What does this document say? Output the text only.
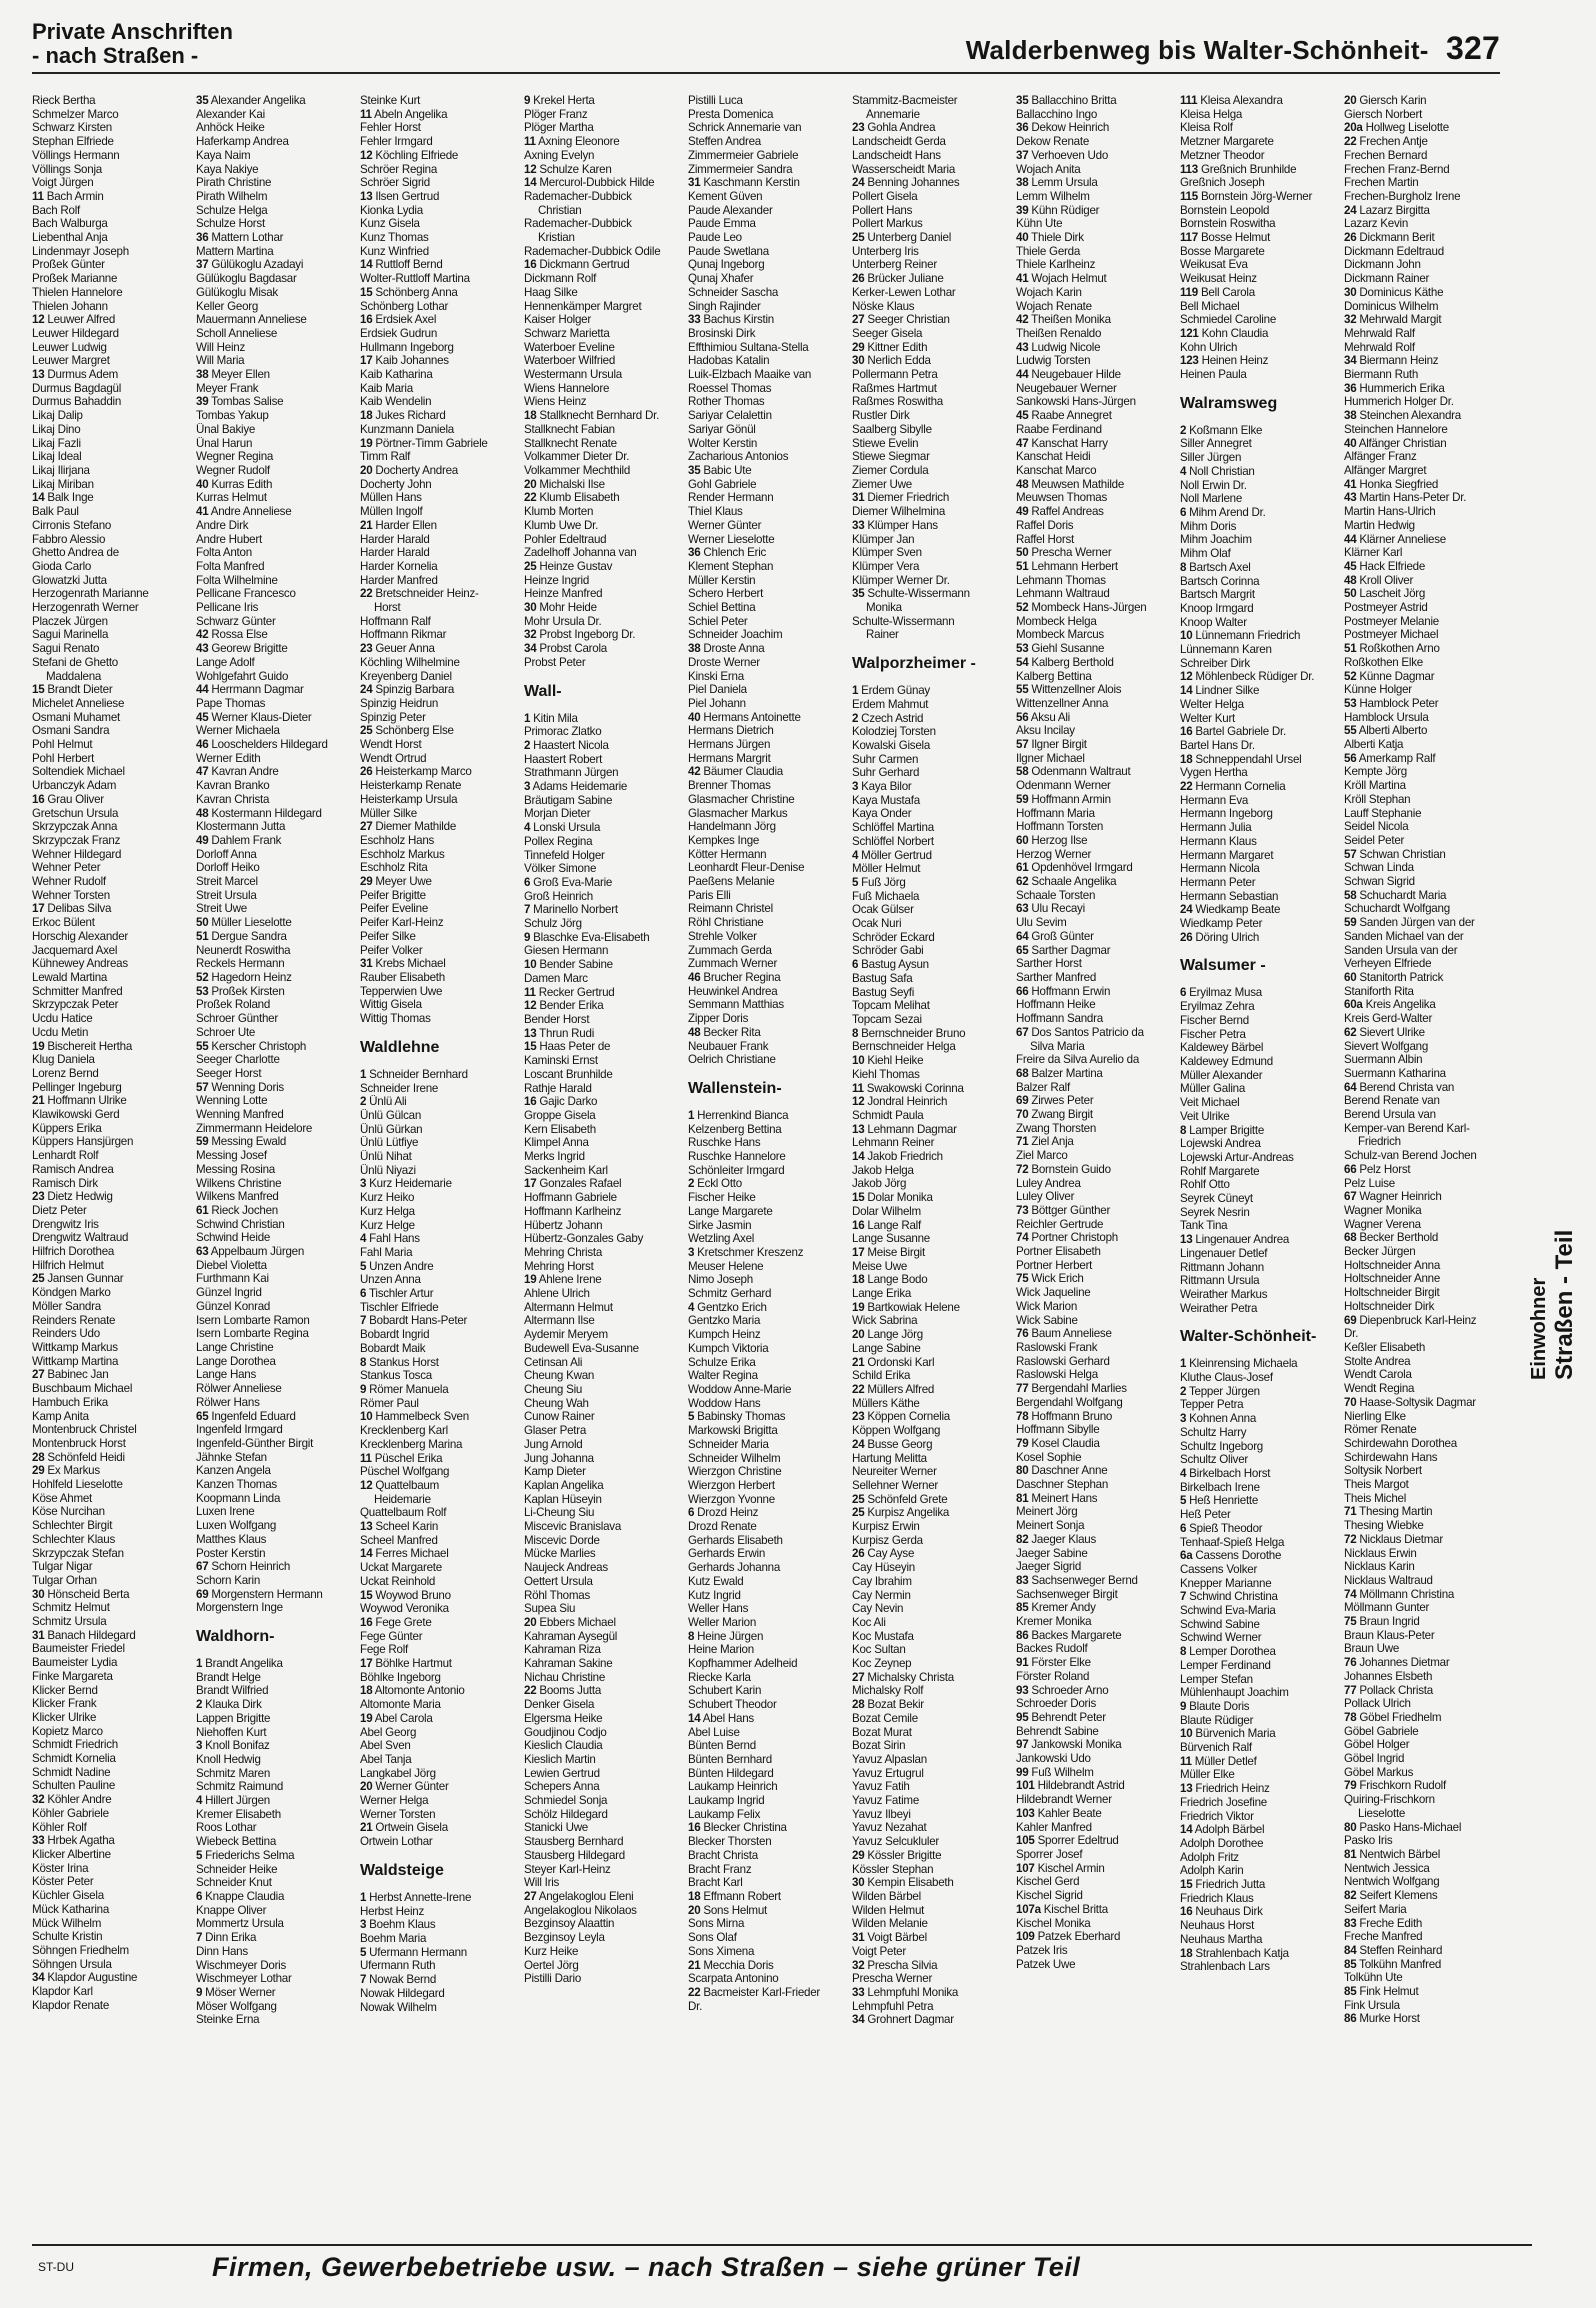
Private Anschriften
- nach Straßen -	Walderbenweg bis Walter-Schönheit- 327
Rieck Bertha
Schmelzer Marco
Schwarz Kirsten
Stephan Elfriede
Völlings Hermann
Völlings Sonja
Voigt Jürgen
11 Bach Armin
Bach Rolf
Bach Walburga
Liebenthal Anja
Lindenmayr Joseph
Proßek Günter
Proßek Marianne
Thielen Hannelore
Thielen Johann
12 Leuwer Alfred
Leuwer Hildegard
Leuwer Ludwig
Leuwer Margret
13 Durmus Adem
Durmus Bagdagül
Durmus Bahaddin
Likaj Dalip
Likaj Dino
Likaj Fazli
Likaj Ideal
Likaj Ilirjana
Likaj Miriban
14 Balk Inge
Balk Paul
Cirronis Stefano
Fabbro Alessio
Ghetto Andrea de
Gioda Carlo
Glowatzki Jutta
Herzogenrath Marianne
Herzogenrath Werner
Placzek Jürgen
Sagui Marinella
Sagui Renato
Stefani de Ghetto
Maddalena
15 Brandt Dieter
Michelet Anneliese
Osmani Muhamet
Osmani Sandra
Pohl Helmut
Pohl Herbert
Soltendiek Michael
Urbanczyk Adam
16 Grau Oliver
Gretschun Ursula
Skrzypczak Anna
Skrzypczak Franz
Wehner Hildegard
Wehner Peter
Wehner Rudolf
Wehner Torsten
17 Delibas Silva
Erkoc Bülent
Horschig Alexander
Jacquemard Axel
Kühnewey Andreas
Lewald Martina
Schmitter Manfred
Skrzypczak Peter
Ucdu Hatice
Ucdu Metin
19 Bischereit Hertha
Klug Daniela
Lorenz Bernd
Pellinger Ingeburg
21 Hoffmann Ulrike
Klawikowski Gerd
Küppers Erika
Küppers Hansjürgen
Lenhardt Rolf
Ramisch Andrea
Ramisch Dirk
23 Dietz Hedwig
Dietz Peter
Drengwitz Iris
Drengwitz Waltraud
Hilfrich Dorothea
Hilfrich Helmut
25 Jansen Gunnar
Köndgen Marko
Möller Sandra
Reinders Renate
Reinders Udo
Wittkamp Markus
Wittkamp Martina
27 Babinec Jan
Buschbaum Michael
Hambuch Erika
Kamp Anita
Montenbruck Christel
Montenbruck Horst
28 Schönfeld Heidi
29 Ex Markus
Hohlfeld Lieselotte
Köse Ahmet
Köse Nurcihan
Schlechter Birgit
Schlechter Klaus
Skrzypczak Stefan
Tulgar Nigar
Tulgar Orhan
30 Hönscheid Berta
Schmitz Helmut
Schmitz Ursula
31 Banach Hildegard
Baumeister Friedel
Baumeister Lydia
Finke Margareta
Klicker Bernd
Klicker Frank
Klicker Ulrike
Kopietz Marco
Schmidt Friedrich
Schmidt Kornelia
Schmidt Nadine
Schulten Pauline
32 Köhler Andre
Köhler Gabriele
Köhler Rolf
33 Hrbek Agatha
Klicker Albertine
Köster Irina
Köster Peter
Küchler Gisela
Mück Katharina
Mück Wilhelm
Schulte Kristin
Söhngen Friedhelm
Söhngen Ursula
34 Klapdor Augustine
Klapdor Karl
Klapdor Renate
35 Alexander Angelika
Alexander Kai
Anhöck Heike
Haferkamp Andrea
Kaya Naim
Kaya Nakiye
Pirath Christine
Pirath Wilhelm
Schulze Helga
Schulze Horst
36 Mattern Lothar
Mattern Martina
37 Gülükoglu Azadayi
Gülükoglu Bagdasar
Gülükoglu Misak
Keller Georg
Mauermann Anneliese
Scholl Anneliese
Will Heinz
Will Maria
38 Meyer Ellen
Meyer Frank
39 Tombas Salise
Tombas Yakup
Ünal Bakiye
Ünal Harun
Wegner Regina
Wegner Rudolf
40 Kurras Edith
Kurras Helmut
41 Andre Anneliese
Andre Dirk
Andre Hubert
Folta Anton
Folta Manfred
Folta Wilhelmine
Pellicane Francesco
Pellicane Iris
Schwarz Günter
42 Rossa Else
43 Georew Brigitte
Lange Adolf
Wohlgefahrt Guido
44 Herrmann Dagmar
Pape Thomas
45 Werner Klaus-Dieter
Werner Michaela
46 Looschelders Hildegard
Werner Edith
47 Kavran Andre
Kavran Branko
Kavran Christa
48 Kostermann Hildegard
Klostermann Jutta
49 Dahlem Frank
Dorloff Anna
Dorloff Heiko
Streit Marcel
Streit Ursula
Streit Uwe
50 Müller Lieselotte
51 Dergue Sandra
Neunerdt Roswitha
Reckels Hermann
52 Hagedorn Heinz
53 Proßek Kirsten
Proßek Roland
Schroer Günther
Schroer Ute
55 Kerscher Christoph
Seeger Charlotte
Seeger Horst
57 Wenning Doris
Wenning Lotte
Wenning Manfred
Zimmermann Heidelore
59 Messing Ewald
Messing Josef
Messing Rosina
Wilkens Christine
Wilkens Manfred
61 Rieck Jochen
Schwind Christian
Schwind Heide
63 Appelbaum Jürgen
Diebel Violetta
Furthmann Kai
Günzel Ingrid
Günzel Konrad
Isern Lombarte Ramon
Isern Lombarte Regina
Lange Christine
Lange Dorothea
Lange Hans
Rölwer Anneliese
Rölwer Hans
65 Ingenfeld Eduard
Ingenfeld Irmgard
Ingenfeld-Günther Birgit
Jähnke Stefan
Kanzen Angela
Kanzen Thomas
Koopmann Linda
Luxen Irene
Luxen Wolfgang
Matthes Klaus
Poster Kerstin
67 Schorn Heinrich
Schorn Karin
69 Morgenstern Hermann
Morgenstern Inge
Waldhorn-
1 Brandt Angelika
Brandt Helge
Brandt Wilfried
2 Klauka Dirk
Lappen Brigitte
Niehoffen Kurt
3 Knoll Bonifaz
Knoll Hedwig
Schmitz Maren
Schmitz Raimund
4 Hillert Jürgen
Kremer Elisabeth
Roos Lothar
Wiebeck Bettina
5 Friederichs Selma
Schneider Heike
Schneider Knut
6 Knappe Claudia
Knappe Oliver
Mommertz Ursula
7 Dinn Erika
Dinn Hans
Wischmeyer Doris
Wischmeyer Lothar
9 Möser Werner
Möser Wolfgang
Steinke Erna
Steinke Kurt
11 Abeln Angelika
Fehler Horst
Fehler Irmgard
12 Köchling Elfriede
Schröer Regina
Schröer Sigrid
13 Ilsen Gertrud
Kionka Lydia
Kunz Gisela
Kunz Thomas
Kunz Winfried
14 Ruttloff Bernd
Wolter-Ruttloff Martina
15 Schönberg Anna
Schönberg Lothar
16 Erdsiek Axel
Erdsiek Gudrun
Hullmann Ingeborg
17 Kaib Johannes
Kaib Katharina
Kaib Maria
Kaib Wendelin
18 Jukes Richard
Kunzmann Daniela
19 Pörtner-Timm Gabriele
Timm Ralf
20 Docherty Andrea
Docherty John
Müllen Hans
Müllen Ingolf
21 Harder Ellen
Harder Harald
Harder Harald
Harder Kornelia
Harder Manfred
22 Bretschneider Heinz-
Horst
Hoffmann Ralf
Hoffmann Rikmar
23 Geuer Anna
Köchling Wilhelmine
Kreyenberg Daniel
24 Spinzig Barbara
Spinzig Heidrun
Spinzig Peter
25 Schönberg Else
Wendt Horst
Wendt Ortrud
26 Heisterkamp Marco
Heisterkamp Renate
Heisterkamp Ursula
Müller Silke
27 Diemer Mathilde
Eschholz Hans
Eschholz Markus
Eschholz Rita
29 Meyer Uwe
Peifer Brigitte
Peifer Eveline
Peifer Karl-Heinz
Peifer Silke
Peifer Volker
31 Krebs Michael
Rauber Elisabeth
Tepperwien Uwe
Wittig Gisela
Wittig Thomas
Waldlehne
1 Schneider Bernhard
Schneider Irene
2 Ünlü Ali
Ünlü Gülcan
Ünlü Gürkan
Ünlü Lütfiye
Ünlü Nihat
Ünlü Niyazi
3 Kurz Heidemarie
Kurz Heiko
Kurz Helga
Kurz Helge
4 Fahl Hans
Fahl Maria
5 Unzen Andre
Unzen Anna
6 Tischler Artur
Tischler Elfriede
7 Bobardt Hans-Peter
Bobardt Ingrid
Bobardt Maik
8 Stankus Horst
Stankus Tosca
9 Römer Manuela
Römer Paul
10 Hammelbeck Sven
Krecklenberg Karl
Krecklenberg Marina
11 Püschel Erika
Püschel Wolfgang
12 Quattelbaum
Heidemarie
Quattelbaum Rolf
13 Scheel Karin
Scheel Manfred
14 Ferres Michael
Uckat Margarete
Uckat Reinhold
15 Woywod Bruno
Woywod Veronika
16 Fege Grete
Fege Günter
Fege Rolf
17 Böhlke Hartmut
Böhlke Ingeborg
18 Altomonte Antonio
Altomonte Maria
19 Abel Carola
Abel Georg
Abel Sven
Abel Tanja
Langkabel Jörg
20 Werner Günter
Werner Helga
Werner Torsten
21 Ortwein Gisela
Ortwein Lothar
Waldsteige
1 Herbst Annette-Irene
Herbst Heinz
3 Boehm Klaus
Boehm Maria
5 Ufermann Hermann
Ufermann Ruth
7 Nowak Bernd
Nowak Hildegard
Nowak Wilhelm
9 Krekel Herta
Plöger Franz
Plöger Martha
11 Axning Eleonore
Axning Evelyn
12 Schulze Karen
14 Mercurol-Dubbick Hilde
Rademacher-Dubbick
Christian
Rademacher-Dubbick
Kristian
Rademacher-Dubbick Odile
16 Dickmann Gertrud
Dickmann Rolf
Haag Silke
Hennenkämper Margret
Kaiser Holger
Schwarz Marietta
Waterboer Eveline
Waterboer Wilfried
Westermann Ursula
Wiens Hannelore
Wiens Heinz
18 Stallknecht Bernhard Dr.
Stallknecht Fabian
Stallknecht Renate
Volkammer Dieter Dr.
Volkammer Mechthild
20 Michalski Ilse
22 Klumb Elisabeth
Klumb Morten
Klumb Uwe Dr.
Pohler Edeltraud
Zadelhoff Johanna van
25 Heinze Gustav
Heinze Ingrid
Heinze Manfred
30 Mohr Heide
Mohr Ursula Dr.
32 Probst Ingeborg Dr.
34 Probst Carola
Probst Peter
Wall-
1 Kitin Mila
Primorac Zlatko
2 Haastert Nicola
Haastert Robert
Strathmann Jürgen
3 Adams Heidemarie
Bräutigam Sabine
Morjan Dieter
4 Lonski Ursula
Pollex Regina
Tinnefeld Holger
Völker Simone
6 Groß Eva-Marie
Groß Heinrich
7 Marinello Norbert
Schulz Jörg
9 Blaschke Eva-Elisabeth
Giesen Hermann
10 Bender Sabine
Damen Marc
11 Recker Gertrud
12 Bender Erika
Bender Horst
13 Thrun Rudi
15 Haas Peter de
Kaminski Ernst
Loscant Brunhilde
Rathje Harald
16 Gajic Darko
Groppe Gisela
Kern Elisabeth
Klimpel Anna
Merks Ingrid
Sackenheim Karl
17 Gonzales Rafael
Hoffmann Gabriele
Hoffmann Karlheinz
Hübertz Johann
Hübertz-Gonzales Gaby
Mehring Christa
Mehring Horst
19 Ahlene Irene
Ahlene Ulrich
Altermann Helmut
Altermann Ilse
Aydemir Meryem
Budewell Eva-Susanne
Cetinsan Ali
Cheung Kwan
Cheung Siu
Cheung Wah
Cunow Rainer
Glaser Petra
Jung Arnold
Jung Johanna
Kamp Dieter
Kaplan Angelika
Kaplan Hüseyin
Li-Cheung Siu
Miscevic Branislava
Miscevic Dorde
Mücke Marlies
Naujeck Andreas
Oettert Ursula
Röhl Thomas
Supea Siu
20 Ebbers Michael
Kahraman Aysegül
Kahraman Riza
Kahraman Sakine
Nichau Christine
22 Booms Jutta
Denker Gisela
Elgersma Heike
Goudjinou Codjo
Kieslich Claudia
Kieslich Martin
Lewien Gertrud
Schepers Anna
Schmiedel Sonja
Schölz Hildegard
Stanicki Uwe
Stausberg Bernhard
Stausberg Hildegard
Steyer Karl-Heinz
Will Iris
27 Angelakoglou Eleni
Angelakoglou Nikolaos
Bezginsoy Alaattin
Bezginsoy Leyla
Kurz Heike
Oertel Jörg
Pistilli Dario
Pistilli Luca
Presta Domenica
Schrick Annemarie van
Steffen Andrea
Zimmermeier Gabriele
Zimmermeier Sandra
31 Kaschmann Kerstin
Kement Güven
Paude Alexander
Paude Emma
Paude Leo
Paude Swetlana
Qunaj Ingeborg
Qunaj Xhafer
Schneider Sascha
Singh Rajinder
33 Bachus Kirstin
Brosinski Dirk
Effthimiou Sultana-Stella
Hadobas Katalin
Luik-Elzbach Maaike van
Roessel Thomas
Rother Thomas
Sariyar Celalettin
Sariyar Gönül
Wolter Kerstin
Zacharious Antonios
35 Babic Ute
Gohl Gabriele
Render Hermann
Thiel Klaus
Werner Günter
Werner Lieselotte
36 Chlench Eric
Klement Stephan
Müller Kerstin
Schero Herbert
Schiel Bettina
Schiel Peter
Schneider Joachim
38 Droste Anna
Droste Werner
Kinski Erna
Piel Daniela
Piel Johann
40 Hermans Antoinette
Hermans Dietrich
Hermans Jürgen
Hermans Margrit
42 Bäumer Claudia
Brenner Thomas
Glasmacher Christine
Glasmacher Markus
Handelmann Jörg
Kempkes Inge
Kötter Hermann
Leonhardt Fleur-Denise
Paeßens Melanie
Paris Elli
Reimann Christel
Röhl Christiane
Strehle Volker
Zummach Gerda
Zummach Werner
46 Brucher Regina
Heuwinkel Andrea
Semmann Matthias
Zipper Doris
48 Becker Rita
Neubauer Frank
Oelrich Christiane
Wallenstein-
1 Herrenkind Bianca
Kelzenberg Bettina
Ruschke Hans
Ruschke Hannelore
Schönleiter Irmgard
2 Eckl Otto
Fischer Heike
Lange Margarete
Sirke Jasmin
Wetzling Axel
3 Kretschmer Kreszenz
Meuser Helene
Nimo Joseph
Schmitz Gerhard
4 Gentzko Erich
Gentzko Maria
Kumpch Heinz
Kumpch Viktoria
Schulze Erika
Walter Regina
Woddow Anne-Marie
Woddow Hans
5 Babinsky Thomas
Markowski Brigitta
Schneider Maria
Schneider Wilhelm
Wierzgon Christine
Wierzgon Herbert
Wierzgon Yvonne
6 Drozd Heinz
Drozd Renate
Gerhards Elisabeth
Gerhards Erwin
Gerhards Johanna
Kutz Ewald
Kutz Ingrid
Weller Hans
Weller Marion
8 Heine Jürgen
Heine Marion
Kopfhammer Adelheid
Riecke Karla
Schubert Karin
Schubert Theodor
14 Abel Hans
Abel Luise
Bünten Bernd
Bünten Bernhard
Bünten Hildegard
Laukamp Heinrich
Laukamp Ingrid
Laukamp Felix
16 Blecker Christina
Blecker Thorsten
Bracht Christa
Bracht Franz
Bracht Karl
18 Effmann Robert
20 Sons Helmut
Sons Mirna
Sons Olaf
Sons Ximena
21 Mecchia Doris
Scarpata Antonino
22 Bacmeister Karl-Frieder
Dr.
Stammitz-Bacmeister
Annemarie
23 Gohla Andrea
Landscheidt Gerda
Landscheidt Hans
Wasserscheidt Maria
24 Benning Johannes
Pollert Gisela
Pollert Hans
Pollert Markus
25 Unterberg Daniel
Unterberg Iris
Unterberg Reiner
26 Brücker Juliane
Kerker-Lewen Lothar
Nöske Klaus
27 Seeger Christian
Seeger Gisela
29 Kittner Edith
30 Nerlich Edda
Pollermann Petra
Raßmes Hartmut
Raßmes Roswitha
Rustler Dirk
Saalberg Sibylle
Stiewe Evelin
Stiewe Siegmar
Ziemer Cordula
Ziemer Uwe
31 Diemer Friedrich
Diemer Wilhelmina
33 Klümper Hans
Klümper Jan
Klümper Sven
Klümper Vera
Klümper Werner Dr.
35 Schulte-Wissermann
Monika
Schulte-Wissermann
Rainer
Walporzheimer -
1 Erdem Günay
Erdem Mahmut
2 Czech Astrid
Kolodziej Torsten
Kowalski Gisela
Suhr Carmen
Suhr Gerhard
3 Kaya Bilor
Kaya Mustafa
Kaya Onder
Schlöffel Martina
Schlöffel Norbert
4 Möller Gertrud
Möller Helmut
5 Fuß Jörg
Fuß Michaela
Ocak Gülser
Ocak Nuri
Schröder Eckard
Schröder Gabi
6 Bastug Aysun
Bastug Safa
Bastug Seyfi
Topcam Melihat
Topcam Sezai
8 Bernschneider Bruno
Bernschneider Helga
10 Kiehl Heike
Kiehl Thomas
11 Swakowski Corinna
12 Jondral Heinrich
Schmidt Paula
13 Lehmann Dagmar
Lehmann Reiner
14 Jakob Friedrich
Jakob Helga
Jakob Jörg
15 Dolar Monika
Dolar Wilhelm
16 Lange Ralf
Lange Susanne
17 Meise Birgit
Meise Uwe
18 Lange Bodo
Lange Erika
19 Bartkowiak Helene
Wick Sabrina
20 Lange Jörg
Lange Sabine
21 Ordonski Karl
Schild Erika
22 Müllers Alfred
Müllers Käthe
23 Köppen Cornelia
Köppen Wolfgang
24 Busse Georg
Hartung Melitta
Neureiter Werner
Sellehner Werner
25 Schönfeld Grete
25 Kurpisz Angelika
Kurpisz Erwin
Kurpisz Gerda
26 Cay Ayse
Cay Hüseyin
Cay Ibrahim
Cay Nermin
Cay Nevin
Koc Ali
Koc Mustafa
Koc Sultan
Koc Zeynep
27 Michalsky Christa
Michalsky Rolf
28 Bozat Bekir
Bozat Cemile
Bozat Murat
Bozat Sirin
Yavuz Alpaslan
Yavuz Ertugrul
Yavuz Fatih
Yavuz Fatime
Yavuz Ilbeyi
Yavuz Nezahat
Yavuz Selcukluler
29 Kössler Brigitte
Kössler Stephan
30 Kempin Elisabeth
Wilden Bärbel
Wilden Helmut
Wilden Melanie
31 Voigt Bärbel
Voigt Peter
32 Prescha Silvia
Prescha Werner
33 Lehmpfuhl Monika
Lehmpfuhl Petra
34 Grohnert Dagmar
35 Ballacchino Britta
Ballacchino Ingo
36 Dekow Heinrich
Dekow Renate
37 Verhoeven Udo
Wojach Anita
38 Lemm Ursula
Lemm Wilhelm
39 Kühn Rüdiger
Kühn Ute
40 Thiele Dirk
Thiele Gerda
Thiele Karlheinz
41 Wojach Helmut
Wojach Karin
Wojach Renate
42 Theißen Monika
Theißen Renaldo
43 Ludwig Nicole
Ludwig Torsten
44 Neugebauer Hilde
Neugebauer Werner
Sankowski Hans-Jürgen
45 Raabe Annegret
Raabe Ferdinand
47 Kanschat Harry
Kanschat Heidi
Kanschat Marco
48 Meuwsen Mathilde
Meuwsen Thomas
49 Raffel Andreas
Raffel Doris
Raffel Horst
50 Prescha Werner
51 Lehmann Herbert
Lehmann Thomas
Lehmann Waltraud
52 Mombeck Hans-Jürgen
Mombeck Helga
Mombeck Marcus
53 Giehl Susanne
54 Kalberg Berthold
Kalberg Bettina
55 Wittenzellner Alois
Wittenzellner Anna
56 Aksu Ali
Aksu Incilay
57 Ilgner Birgit
Ilgner Michael
58 Odenmann Waltraut
Odenmann Werner
59 Hoffmann Armin
Hoffmann Maria
Hoffmann Torsten
60 Herzog Ilse
Herzog Werner
61 Opdenhövel Irmgard
62 Schaale Angelika
Schaale Torsten
63 Ulu Recayi
Ulu Sevim
64 Groß Günter
65 Sarther Dagmar
Sarther Horst
Sarther Manfred
66 Hoffmann Erwin
Hoffmann Heike
Hoffmann Sandra
67 Dos Santos Patricio da
Silva Maria
Freire da Silva Aurelio da
68 Balzer Martina
Balzer Ralf
69 Zirwes Peter
70 Zwang Birgit
Zwang Thorsten
71 Ziel Anja
Ziel Marco
72 Bornstein Guido
Luley Andrea
Luley Oliver
73 Böttger Günther
Reichler Gertrude
74 Portner Christoph
Portner Elisabeth
Portner Herbert
75 Wick Erich
Wick Jaqueline
Wick Marion
Wick Sabine
76 Baum Anneliese
Raslowski Frank
Raslowski Gerhard
Raslowski Helga
77 Bergendahl Marlies
Bergendahl Wolfgang
78 Hoffmann Bruno
Hoffmann Sibylle
79 Kosel Claudia
Kosel Sophie
80 Daschner Anne
Daschner Stephan
81 Meinert Hans
Meinert Jörg
Meinert Sonja
82 Jaeger Klaus
Jaeger Sabine
Jaeger Sigrid
83 Sachsenweger Bernd
Sachsenweger Birgit
85 Kremer Andy
Kremer Monika
86 Backes Margarete
Backes Rudolf
91 Förster Elke
Förster Roland
93 Schroeder Arno
Schroeder Doris
95 Behrendt Peter
Behrendt Sabine
97 Jankowski Monika
Jankowski Udo
99 Fuß Wilhelm
101 Hildebrandt Astrid
Hildebrandt Werner
103 Kahler Beate
Kahler Manfred
105 Sporrer Edeltrud
Sporrer Josef
107 Kischel Armin
Kischel Gerd
Kischel Sigrid
107a Kischel Britta
Kischel Monika
109 Patzek Eberhard
Patzek Iris
Patzek Uwe
111 Kleisa Alexandra
Kleisa Helga
Kleisa Rolf
Metzner Margarete
Metzner Theodor
113 Greßnich Brunhilde
Greßnich Joseph
115 Bornstein Jörg-Werner
Bornstein Leopold
Bornstein Roswitha
117 Bosse Helmut
Bosse Margarete
Weikusat Eva
Weikusat Heinz
119 Bell Carola
Bell Michael
Schmiedel Caroline
121 Kohn Claudia
Kohn Ulrich
123 Heinen Heinz
Heinen Paula
Walramsweg
2 Koßmann Elke
Siller Annegret
Siller Jürgen
4 Noll Christian
Noll Erwin Dr.
Noll Marlene
6 Mihm Arend Dr.
Mihm Doris
Mihm Joachim
Mihm Olaf
8 Bartsch Axel
Bartsch Corinna
Bartsch Margrit
Knoop Irmgard
Knoop Walter
10 Lünnemann Friedrich
Lünnemann Karen
Schreiber Dirk
12 Möhlenbeck Rüdiger Dr.
14 Lindner Silke
Welter Helga
Welter Kurt
16 Bartel Gabriele Dr.
Bartel Hans Dr.
18 Schneppendahl Ursel
Vygen Hertha
22 Hermann Cornelia
Hermann Eva
Hermann Ingeborg
Hermann Julia
Hermann Klaus
Hermann Margaret
Hermann Nicola
Hermann Peter
Hermann Sebastian
24 Wiedkamp Beate
Wiedkamp Peter
26 Döring Ulrich
Walsumer -
6 Eryilmaz Musa
Eryilmaz Zehra
Fischer Bernd
Fischer Petra
Kaldewey Bärbel
Kaldewey Edmund
Müller Alexander
Müller Galina
Veit Michael
Veit Ulrike
8 Lamper Brigitte
Lojewski Andrea
Lojewski Artur-Andreas
Rohlf Margarete
Rohlf Otto
Seyrek Cüneyt
Seyrek Nesrin
Tank Tina
13 Lingenauer Andrea
Lingenauer Detlef
Rittmann Johann
Rittmann Ursula
Weirather Markus
Weirather Petra
Walter-Schönheit-
1 Kleinrensing Michaela
Kluthe Claus-Josef
2 Tepper Jürgen
Tepper Petra
3 Kohnen Anna
Schultz Harry
Schultz Ingeborg
Schultz Oliver
4 Birkelbach Horst
Birkelbach Irene
5 Heß Henriette
Heß Peter
6 Spieß Theodor
Tenhaaf-Spieß Helga
6a Cassens Dorothe
Cassens Volker
Knepper Marianne
7 Schwind Christina
Schwind Eva-Maria
Schwind Sabine
Schwind Werner
8 Lemper Dorothea
Lemper Ferdinand
Lemper Stefan
Mühlenhaupt Joachim
9 Blaute Doris
Blaute Rüdiger
10 Bürvenich Maria
Bürvenich Ralf
11 Müller Detlef
Müller Elke
13 Friedrich Heinz
Friedrich Josefine
Friedrich Viktor
14 Adolph Bärbel
Adolph Dorothee
Adolph Fritz
Adolph Karin
15 Friedrich Jutta
Friedrich Klaus
16 Neuhaus Dirk
Neuhaus Horst
Neuhaus Martha
18 Strahlenbach Katja
Strahlenbach Lars
20 Giersch Karin
Giersch Norbert
20a Hollweg Liselotte
22 Frechen Antje
Frechen Bernard
Frechen Franz-Bernd
Frechen Martin
Frechen-Burgholz Irene
24 Lazarz Birgitta
Lazarz Kevin
26 Dickmann Berit
Dickmann Edeltraud
Dickmann John
Dickmann Rainer
30 Dominicus Käthe
Dominicus Wilhelm
32 Mehrwald Margit
Mehrwald Ralf
Mehrwald Rolf
34 Biermann Heinz
Biermann Ruth
36 Hummerich Erika
Hummerich Holger Dr.
38 Steinchen Alexandra
Steinchen Hannelore
40 Alfänger Christian
Alfänger Franz
Alfänger Margret
41 Honka Siegfried
43 Martin Hans-Peter Dr.
Martin Hans-Ulrich
Martin Hedwig
44 Klärner Anneliese
Klärner Karl
45 Hack Elfriede
48 Kroll Oliver
50 Lascheit Jörg
Postmeyer Astrid
Postmeyer Melanie
Postmeyer Michael
51 Roßkothen Arno
Roßkothen Elke
52 Künne Dagmar
Künne Holger
53 Hamblock Peter
Hamblock Ursula
55 Alberti Alberto
Alberti Katja
56 Amerkamp Ralf
Kempte Jörg
Kröll Martina
Kröll Stephan
Lauff Stephanie
Seidel Nicola
Seidel Peter
57 Schwan Christian
Schwan Linda
Schwan Sigrid
58 Schuchardt Maria
Schuchardt Wolfgang
59 Sanden Jürgen van der
Sanden Michael van der
Sanden Ursula van der
Verheyen Elfriede
60 Stanitorth Patrick
Staniforth Rita
60a Kreis Angelika
Kreis Gerd-Walter
62 Sievert Ulrike
Sievert Wolfgang
Suermann Albin
Suermann Katharina
64 Berend Christa van
Berend Renate van
Berend Ursula van
Kemper-van Berend Karl-
Friedrich
Schulz-van Berend Jochen
66 Pelz Horst
Pelz Luise
67 Wagner Heinrich
Wagner Monika
Wagner Verena
68 Becker Berthold
Becker Jürgen
Holtschneider Anna
Holtschneider Anne
Holtschneider Birgit
Holtschneider Dirk
69 Diepenbruck Karl-Heinz
Dr.
Keßler Elisabeth
Stolte Andrea
Wendt Carola
Wendt Regina
70 Haase-Soltysik Dagmar
Nierling Elke
Römer Renate
Schirdewahn Dorothea
Schirdewahn Hans
Soltysik Norbert
Theis Margot
Theis Michel
71 Thesing Martin
Thesing Wiebke
72 Nicklaus Dietmar
Nicklaus Erwin
Nicklaus Karin
Nicklaus Waltraud
74 Möllmann Christina
Möllmann Gunter
75 Braun Ingrid
Braun Klaus-Peter
Braun Uwe
76 Johannes Dietmar
Johannes Elsbeth
77 Pollack Christa
Pollack Ulrich
78 Göbel Friedhelm
Göbel Gabriele
Göbel Holger
Göbel Ingrid
Göbel Markus
79 Frischkorn Rudolf
Quiring-Frischkorn
Lieselotte
80 Pasko Hans-Michael
Pasko Iris
81 Nentwich Bärbel
Nentwich Jessica
Nentwich Wolfgang
82 Seifert Klemens
Seifert Maria
83 Freche Edith
Freche Manfred
84 Steffen Reinhard
85 Tolkühn Manfred
Tolkühn Ute
85 Fink Helmut
Fink Ursula
86 Murke Horst
Einwohner Straßen - Teil
ST-DU	Firmen, Gewerbebetriebe usw. – nach Straßen – siehe grüner Teil
